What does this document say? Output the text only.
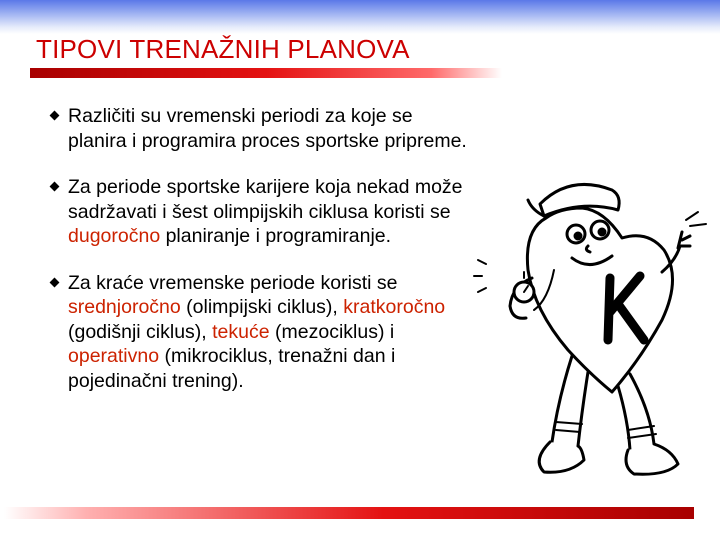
TIPOVI TRENAŽNIH PLANOVA
Različiti su vremenski periodi za koje se planira i programira proces sportske pripreme.
Za periode sportske karijere koja nekad može sadržavati i šest olimpijskih ciklusa koristi se dugoročno planiranje i programiranje.
Za kraće vremenske periode koristi se srednjoročno (olimpijski ciklus), kratkoročno (godišnji ciklus), tekuće (mezociklus) i operativno (mikrociklus, trenažni dan i pojedinačni trening).
